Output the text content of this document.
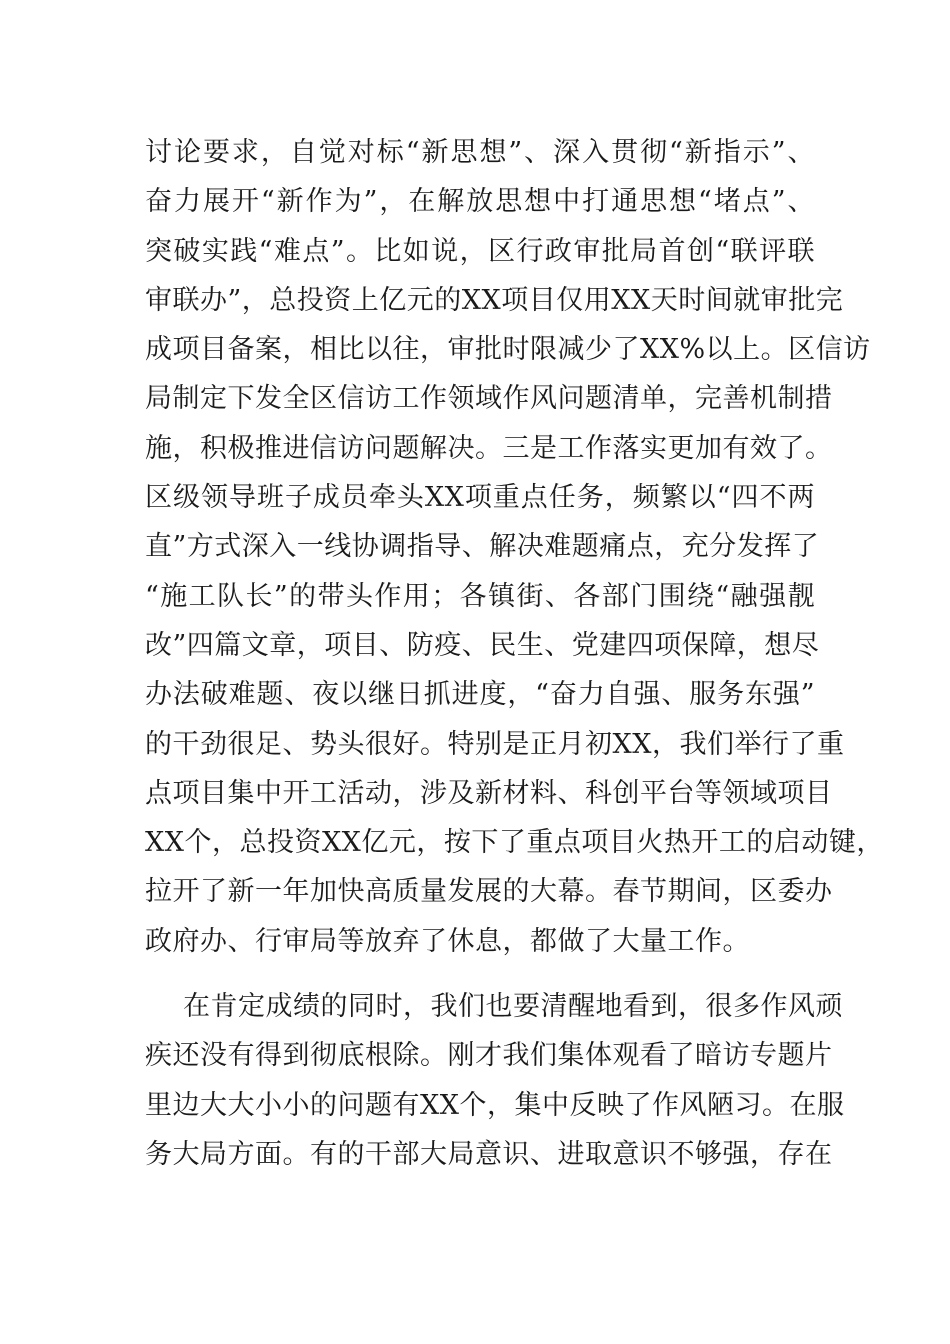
讨论要求，自觉对标“新思想”、深入贯彻“新指示”、
奋力展开“新作为”，在解放思想中打通思想“堵点”、
突破实践“难点”。比如说，区行政审批局首创“联评联
审联办”，总投资上亿元的XX项目仅用XX天时间就审批完
成项目备案，相比以往，审批时限减少了XX%以上。区信访
局制定下发全区信访工作领域作风问题清单，完善机制措
施，积极推进信访问题解决。三是工作落实更加有效了。
区级领导班子成员牵头XX项重点任务，频繁以“四不两
直”方式深入一线协调指导、解决难题痛点，充分发挥了
“施工队长”的带头作用；各镇街、各部门围绕“融强靓
改”四篇文章，项目、防疫、民生、党建四项保障，想尽
办法破难题、夜以继日抓进度，“奋力自强、服务东强”
的干劲很足、势头很好。特别是正月初XX，我们举行了重
点项目集中开工活动，涉及新材料、科创平台等领域项目
XX个，总投资XX亿元，按下了重点项目火热开工的启动键，
拉开了新一年加快高质量发展的大幕。春节期间，区委办
政府办、行审局等放弃了休息，都做了大量工作。
在肯定成绩的同时，我们也要清醒地看到，很多作风顽
疾还没有得到彻底根除。刚才我们集体观看了暗访专题片
里边大大小小的问题有XX个，集中反映了作风陋习。在服
务大局方面。有的干部大局意识、进取意识不够强，存在
